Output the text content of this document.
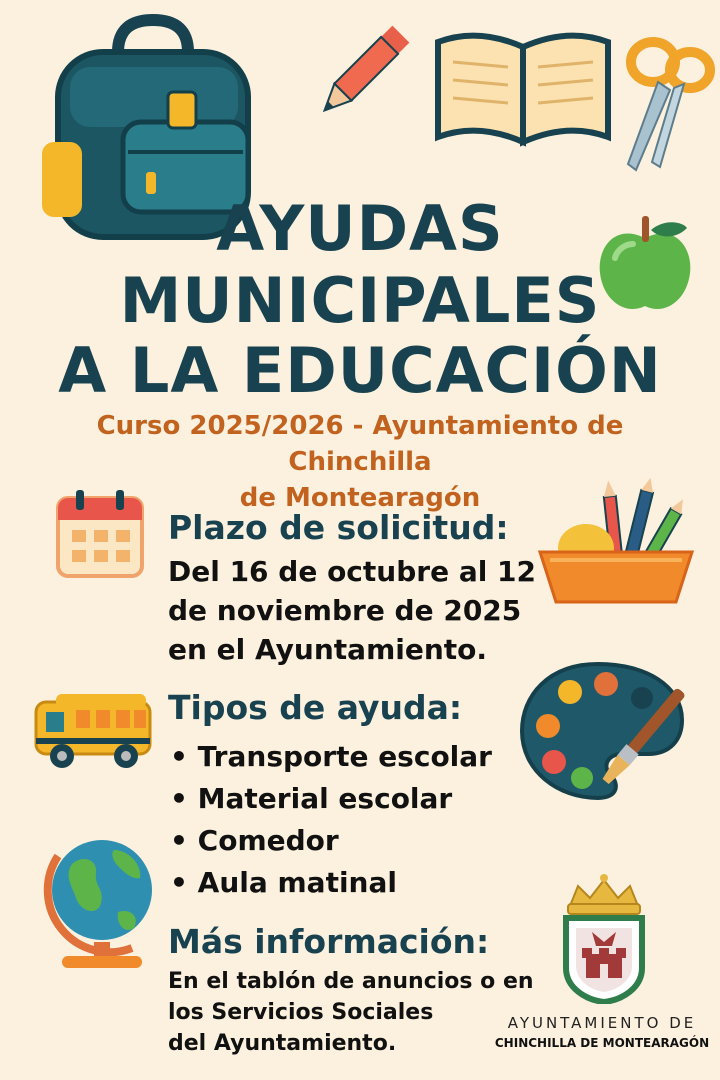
AYUDAS
MUNICIPALES
A LA EDUCACIÓN
Curso 2025/2026 - Ayuntamiento de Chinchilla
de Montearagón
Plazo de solicitud:
Del 16 de octubre al 12
de noviembre de 2025
en el Ayuntamiento.
Tipos de ayuda:
• Transporte escolar
• Material escolar
• Comedor
• Aula matinal
Más información:
En el tablón de anuncios o en
los Servicios Sociales
del Ayuntamiento.
AYUNTAMIENTO DE
CHINCHILLA DE MONTEARAGÓN
